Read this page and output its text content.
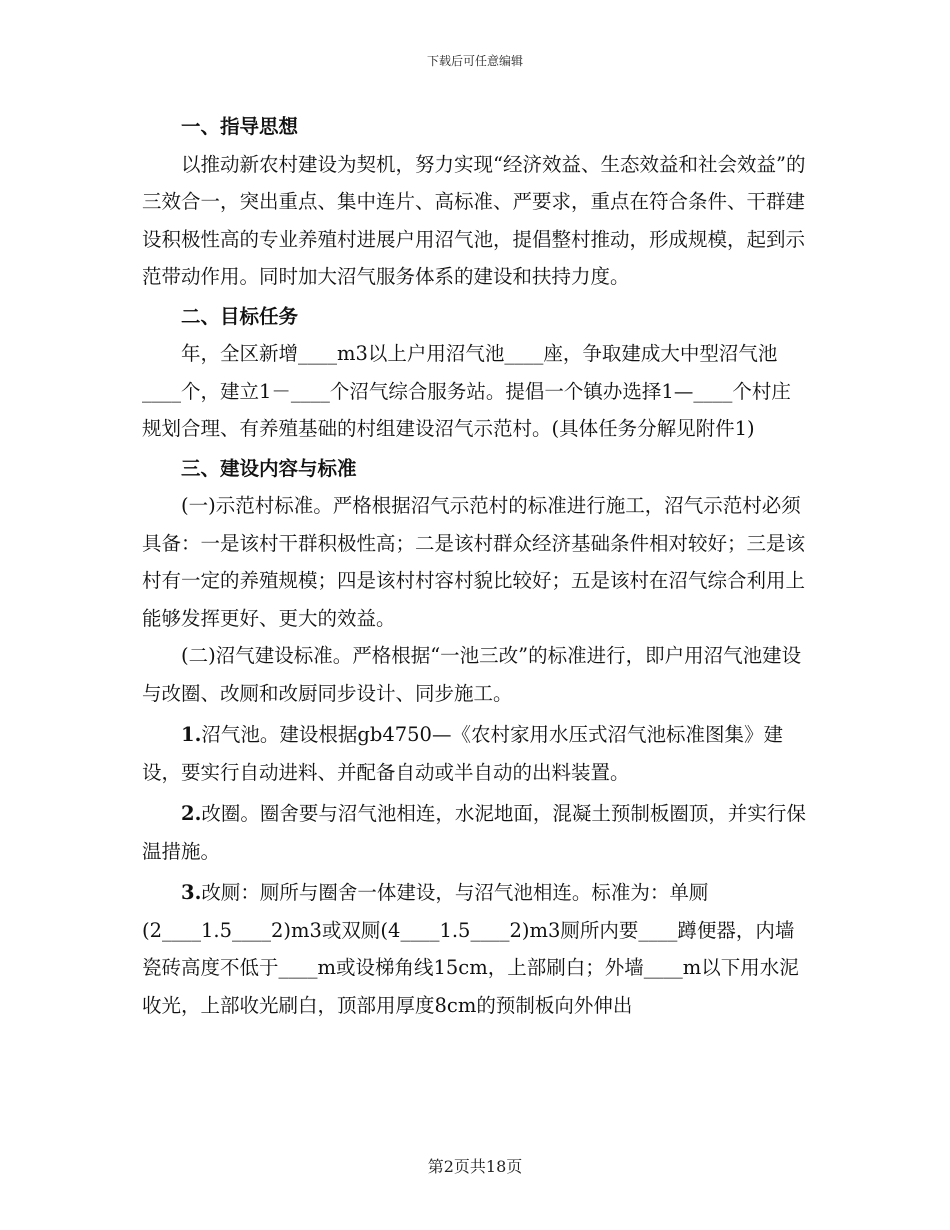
下载后可任意编辑

一、指导思想

以推动新农村建设为契机，努力实现“经济效益、生态效益和社会效益”的三效合一，突出重点、集中连片、高标准、严要求，重点在符合条件、干群建设积极性高的专业养殖村进展户用沼气池，提倡整村推动，形成规模，起到示范带动作用。同时加大沼气服务体系的建设和扶持力度。

二、目标任务

年，全区新增____m3以上户用沼气池____座，争取建成大中型沼气池____个，建立1－____个沼气综合服务站。提倡一个镇办选择1—____个村庄规划合理、有养殖基础的村组建设沼气示范村。(具体任务分解见附件1)

三、建设内容与标准

(一)示范村标准。严格根据沼气示范村的标准进行施工，沼气示范村必须具备：一是该村干群积极性高；二是该村群众经济基础条件相对较好；三是该村有一定的养殖规模；四是该村村容村貌比较好；五是该村在沼气综合利用上能够发挥更好、更大的效益。

(二)沼气建设标准。严格根据“一池三改”的标准进行，即户用沼气池建设与改圈、改厕和改厨同步设计、同步施工。

1.沼气池。建设根据gb4750—《农村家用水压式沼气池标准图集》建设，要实行自动进料、并配备自动或半自动的出料装置。

2.改圈。圈舍要与沼气池相连，水泥地面，混凝土预制板圈顶，并实行保温措施。

3.改厕：厕所与圈舍一体建设，与沼气池相连。标准为：单厕(2____1.5____2)m3或双厕(4____1.5____2)m3厕所内要____蹲便器，内墙瓷砖高度不低于____m或设梯角线15cm，上部刷白；外墙____m以下用水泥收光，上部收光刷白，顶部用厚度8cm的预制板向外伸出

第2页共18页
